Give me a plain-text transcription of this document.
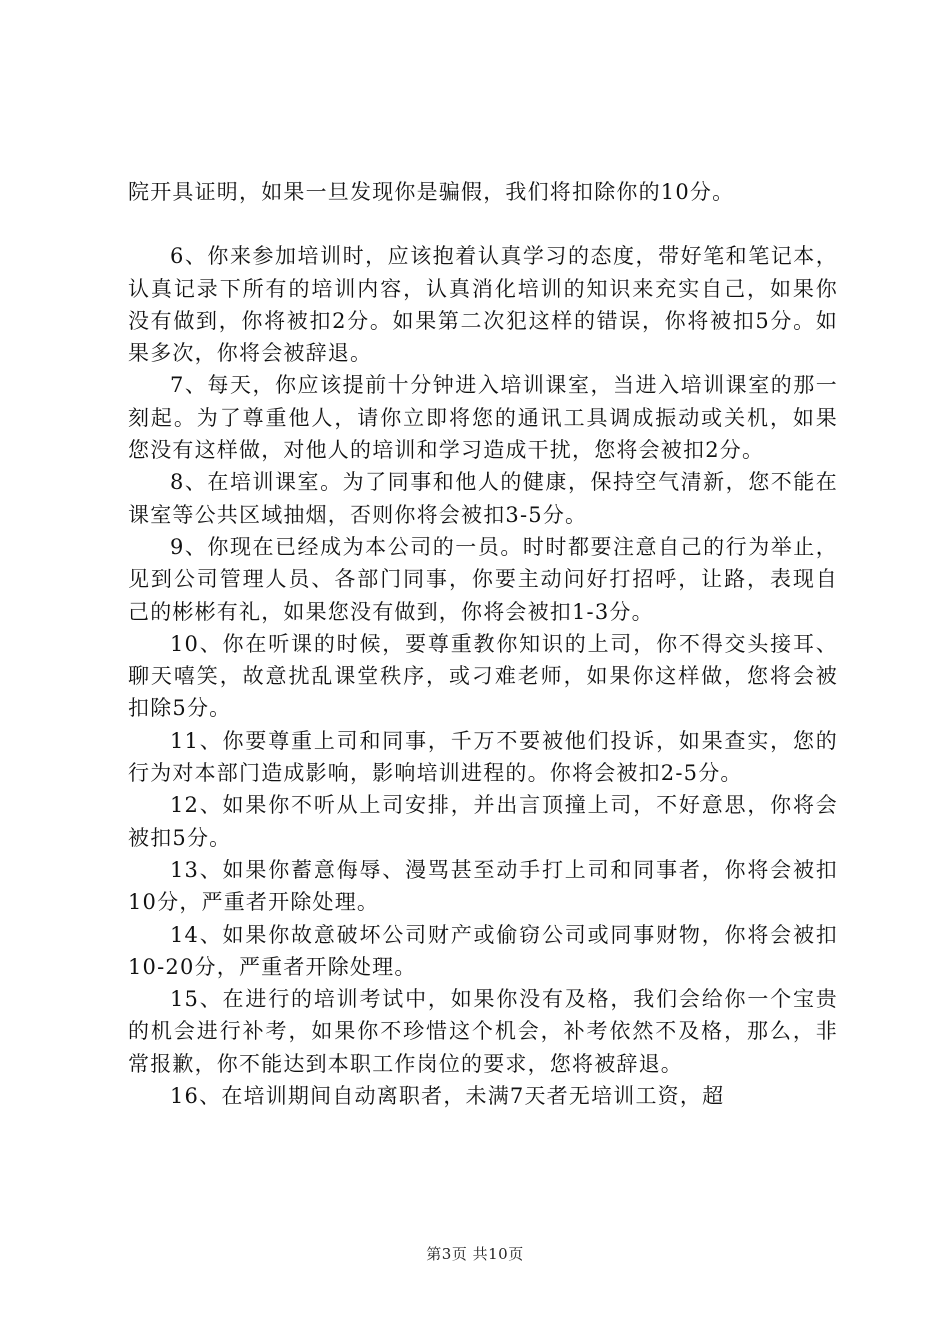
院开具证明，如果一旦发现你是骗假，我们将扣除你的10分。

6、你来参加培训时，应该抱着认真学习的态度，带好笔和笔记本，认真记录下所有的培训内容，认真消化培训的知识来充实自己，如果你没有做到，你将被扣2分。如果第二次犯这样的错误，你将被扣5分。如果多次，你将会被辞退。

7、每天，你应该提前十分钟进入培训课室，当进入培训课室的那一刻起。为了尊重他人，请你立即将您的通讯工具调成振动或关机，如果您没有这样做，对他人的培训和学习造成干扰，您将会被扣2分。

8、在培训课室。为了同事和他人的健康，保持空气清新，您不能在课室等公共区域抽烟，否则你将会被扣3-5分。

9、你现在已经成为本公司的一员。时时都要注意自己的行为举止，见到公司管理人员、各部门同事，你要主动问好打招呼，让路，表现自己的彬彬有礼，如果您没有做到，你将会被扣1-3分。

10、你在听课的时候，要尊重教你知识的上司，你不得交头接耳、聊天嘻笑，故意扰乱课堂秩序，或刁难老师，如果你这样做，您将会被扣除5分。

11、你要尊重上司和同事，千万不要被他们投诉，如果查实，您的行为对本部门造成影响，影响培训进程的。你将会被扣2-5分。

12、如果你不听从上司安排，并出言顶撞上司，不好意思，你将会被扣5分。

13、如果你蓄意侮辱、漫骂甚至动手打上司和同事者，你将会被扣10分，严重者开除处理。

14、如果你故意破坏公司财产或偷窃公司或同事财物，你将会被扣10-20分，严重者开除处理。

15、在进行的培训考试中，如果你没有及格，我们会给你一个宝贵的机会进行补考，如果你不珍惜这个机会，补考依然不及格，那么，非常报歉，你不能达到本职工作岗位的要求，您将被辞退。

16、在培训期间自动离职者，未满7天者无培训工资，超

第3页 共10页
